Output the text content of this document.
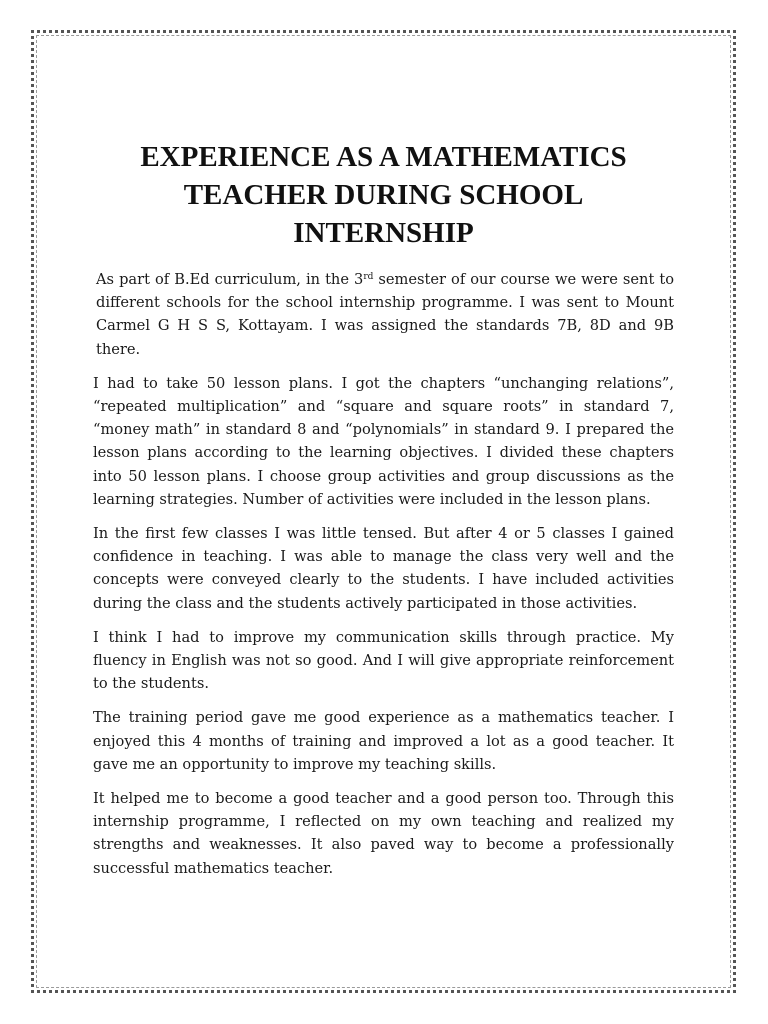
EXPERIENCE AS A MATHEMATICS TEACHER DURING SCHOOL INTERNSHIP

As part of B.Ed curriculum, in the 3rd semester of our course we were sent to different schools for the school internship programme. I was sent to Mount Carmel G H S S, Kottayam. I was assigned the standards 7B, 8D and 9B there.

I had to take 50 lesson plans. I got the chapters “unchanging relations”, “repeated multiplication” and “square and square roots” in standard 7, “money math” in standard 8 and “polynomials” in standard 9. I prepared the lesson plans according to the learning objectives. I divided these chapters into 50 lesson plans. I choose group activities and group discussions as the learning strategies. Number of activities were included in the lesson plans.

In the first few classes I was little tensed. But after 4 or 5 classes I gained confidence in teaching. I was able to manage the class very well and the concepts were conveyed clearly to the students. I have included activities during the class and the students actively participated in those activities.

I think I had to improve my communication skills through practice. My fluency in English was not so good. And I will give appropriate reinforcement to the students.

The training period gave me good experience as a mathematics teacher. I enjoyed this 4 months of training and improved a lot as a good teacher. It gave me an opportunity to improve my teaching skills.

It helped me to become a good teacher and a good person too. Through this internship programme, I reflected on my own teaching and realized my strengths and weaknesses. It also paved way to become a professionally successful mathematics teacher.
